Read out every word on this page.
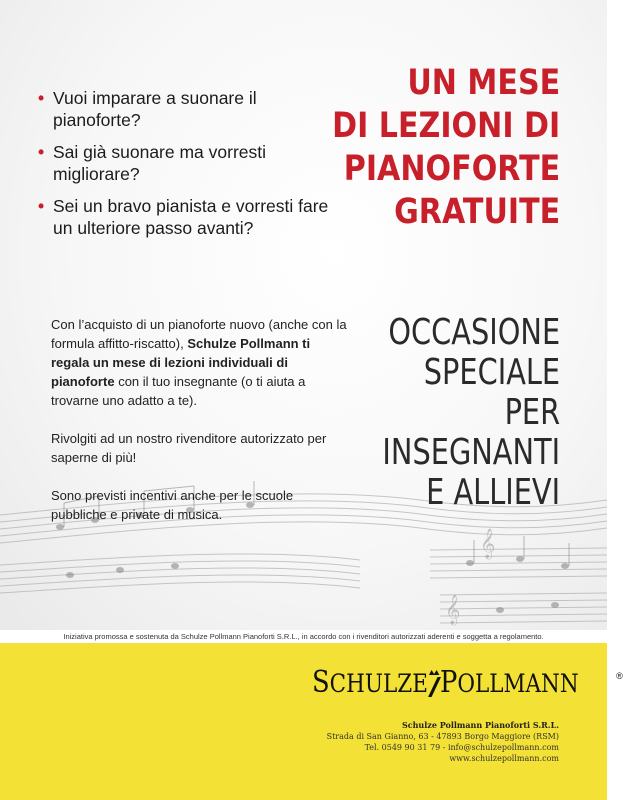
𝄞
𝄞
• Vuoi imparare a suonare il pianoforte?
• Sai già suonare ma vorresti migliorare?
• Sei un bravo pianista e vorresti fare un ulteriore passo avanti?
UN MESE
DI LEZIONI DI
PIANOFORTE
GRATUITE

Con l’acquisto di un pianoforte nuovo (anche con la formula affitto-riscatto), Schulze Pollmann ti regala un mese di lezioni individuali di pianoforte con il tuo insegnante (o ti aiuta a trovarne uno adatto a te).

Rivolgiti ad un nostro rivenditore autorizzato per saperne di più!

Sono previsti incentivi anche per le scuole pubbliche e private di musica.

OCCASIONE
SPECIALE
PER
INSEGNANTI
E ALLIEVI
Iniziativa promossa e sostenuta da Schulze Pollmann Pianoforti S.R.L., in accordo con i rivenditori autorizzati aderenti e soggetta a regolamento.
SCHULZE POLLMANN	®
Schulze Pollmann Pianoforti S.R.L.
Strada di San Gianno, 63 - 47893 Borgo Maggiore (RSM)
Tel. 0549 90 31 79 - info@schulzepollmann.com
www.schulzepollmann.com
